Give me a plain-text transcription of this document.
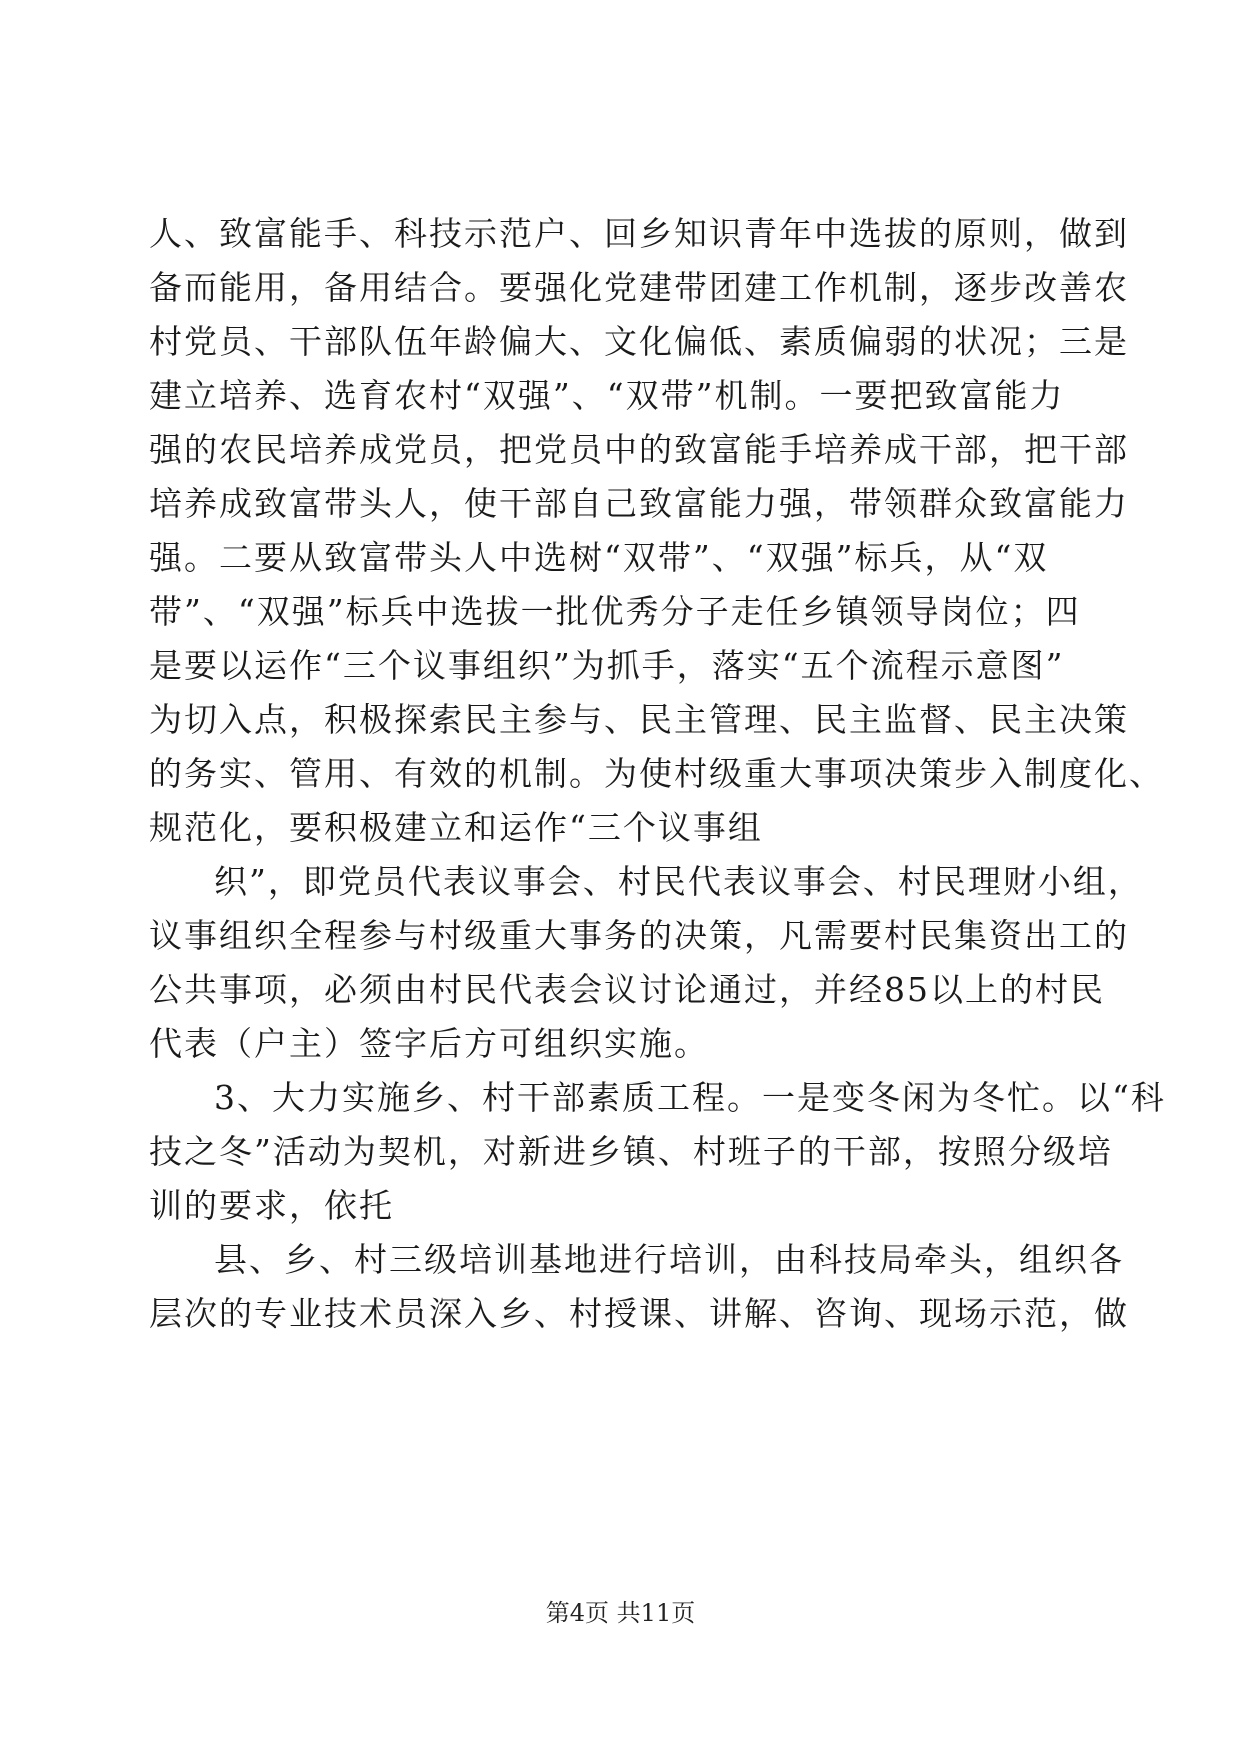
人、致富能手、科技示范户、回乡知识青年中选拔的原则，做到
备而能用，备用结合。要强化党建带团建工作机制，逐步改善农
村党员、干部队伍年龄偏大、文化偏低、素质偏弱的状况；三是
建立培养、选育农村“双强”、“双带”机制。一要把致富能力
强的农民培养成党员，把党员中的致富能手培养成干部，把干部
培养成致富带头人，使干部自己致富能力强，带领群众致富能力
强。二要从致富带头人中选树“双带”、“双强”标兵，从“双
带”、“双强”标兵中选拔一批优秀分子走任乡镇领导岗位；四
是要以运作“三个议事组织”为抓手，落实“五个流程示意图”
为切入点，积极探索民主参与、民主管理、民主监督、民主决策
的务实、管用、有效的机制。为使村级重大事项决策步入制度化、
规范化，要积极建立和运作“三个议事组
织”，即党员代表议事会、村民代表议事会、村民理财小组，
议事组织全程参与村级重大事务的决策，凡需要村民集资出工的
公共事项，必须由村民代表会议讨论通过，并经85以上的村民
代表（户主）签字后方可组织实施。
3、大力实施乡、村干部素质工程。一是变冬闲为冬忙。以“科
技之冬”活动为契机，对新进乡镇、村班子的干部，按照分级培
训的要求，依托
县、乡、村三级培训基地进行培训，由科技局牵头，组织各
层次的专业技术员深入乡、村授课、讲解、咨询、现场示范，做
第4页 共11页
